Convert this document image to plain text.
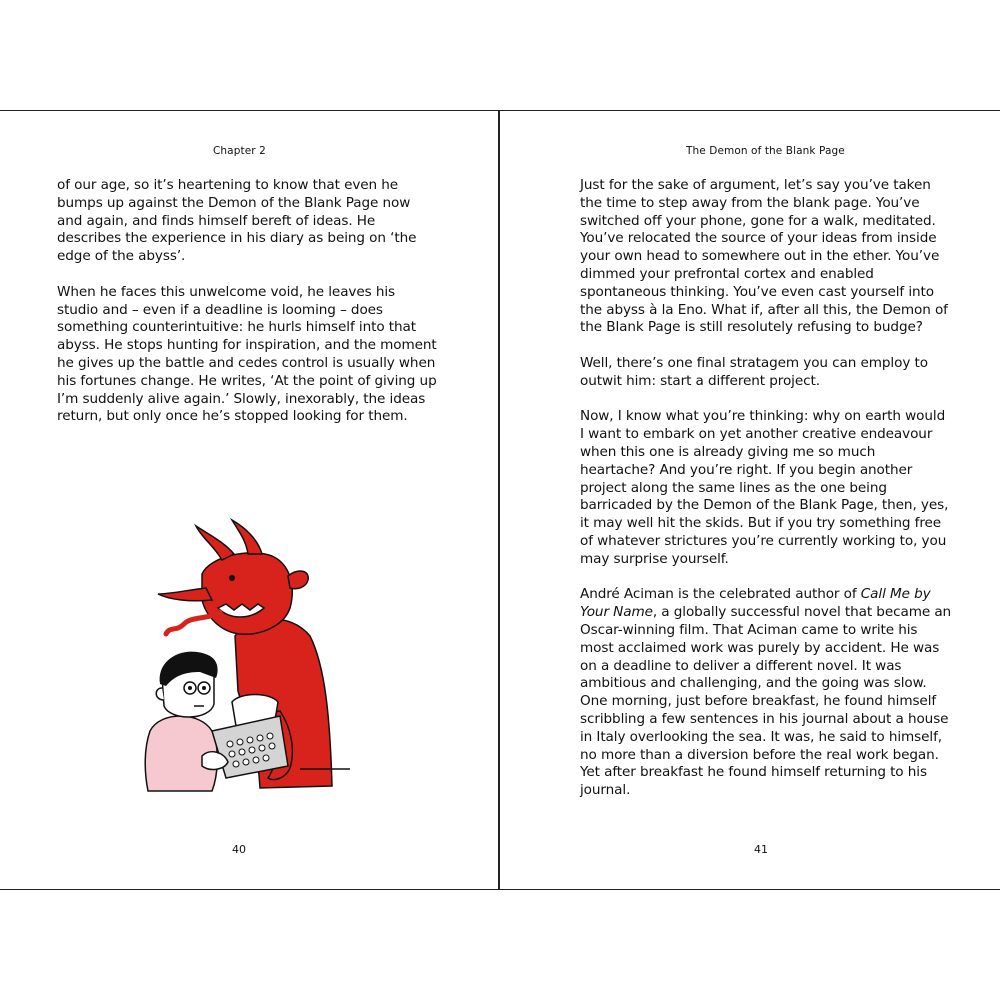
Chapter 2

of our age, so it’s heartening to know that even he bumps up against the Demon of the Blank Page now and again, and finds himself bereft of ideas. He describes the experience in his diary as being on ‘the edge of the abyss’.

When he faces this unwelcome void, he leaves his studio and – even if a deadline is looming – does something counterintuitive: he hurls himself into that abyss. He stops hunting for inspiration, and the moment he gives up the battle and cedes control is usually when his fortunes change. He writes, ‘At the point of giving up I’m suddenly alive again.’ Slowly, inexorably, the ideas return, but only once he’s stopped looking for them.

40
The Demon of the Blank Page

Just for the sake of argument, let’s say you’ve taken the time to step away from the blank page. You’ve switched off your phone, gone for a walk, meditated. You’ve relocated the source of your ideas from inside your own head to somewhere out in the ether. You’ve dimmed your prefrontal cortex and enabled spontaneous thinking. You’ve even cast yourself into the abyss à la Eno. What if, after all this, the Demon of the Blank Page is still resolutely refusing to budge?

Well, there’s one final stratagem you can employ to outwit him: start a different project.

Now, I know what you’re thinking: why on earth would I want to embark on yet another creative endeavour when this one is already giving me so much heartache? And you’re right. If you begin another project along the same lines as the one being barricaded by the Demon of the Blank Page, then, yes, it may well hit the skids. But if you try something free of whatever strictures you’re currently working to, you may surprise yourself.

André Aciman is the celebrated author of Call Me by Your Name, a globally successful novel that became an Oscar-winning film. That Aciman came to write his most acclaimed work was purely by accident. He was on a deadline to deliver a different novel. It was ambitious and challenging, and the going was slow. One morning, just before breakfast, he found himself scribbling a few sentences in his journal about a house in Italy overlooking the sea. It was, he said to himself, no more than a diversion before the real work began. Yet after breakfast he found himself returning to his journal.

41
